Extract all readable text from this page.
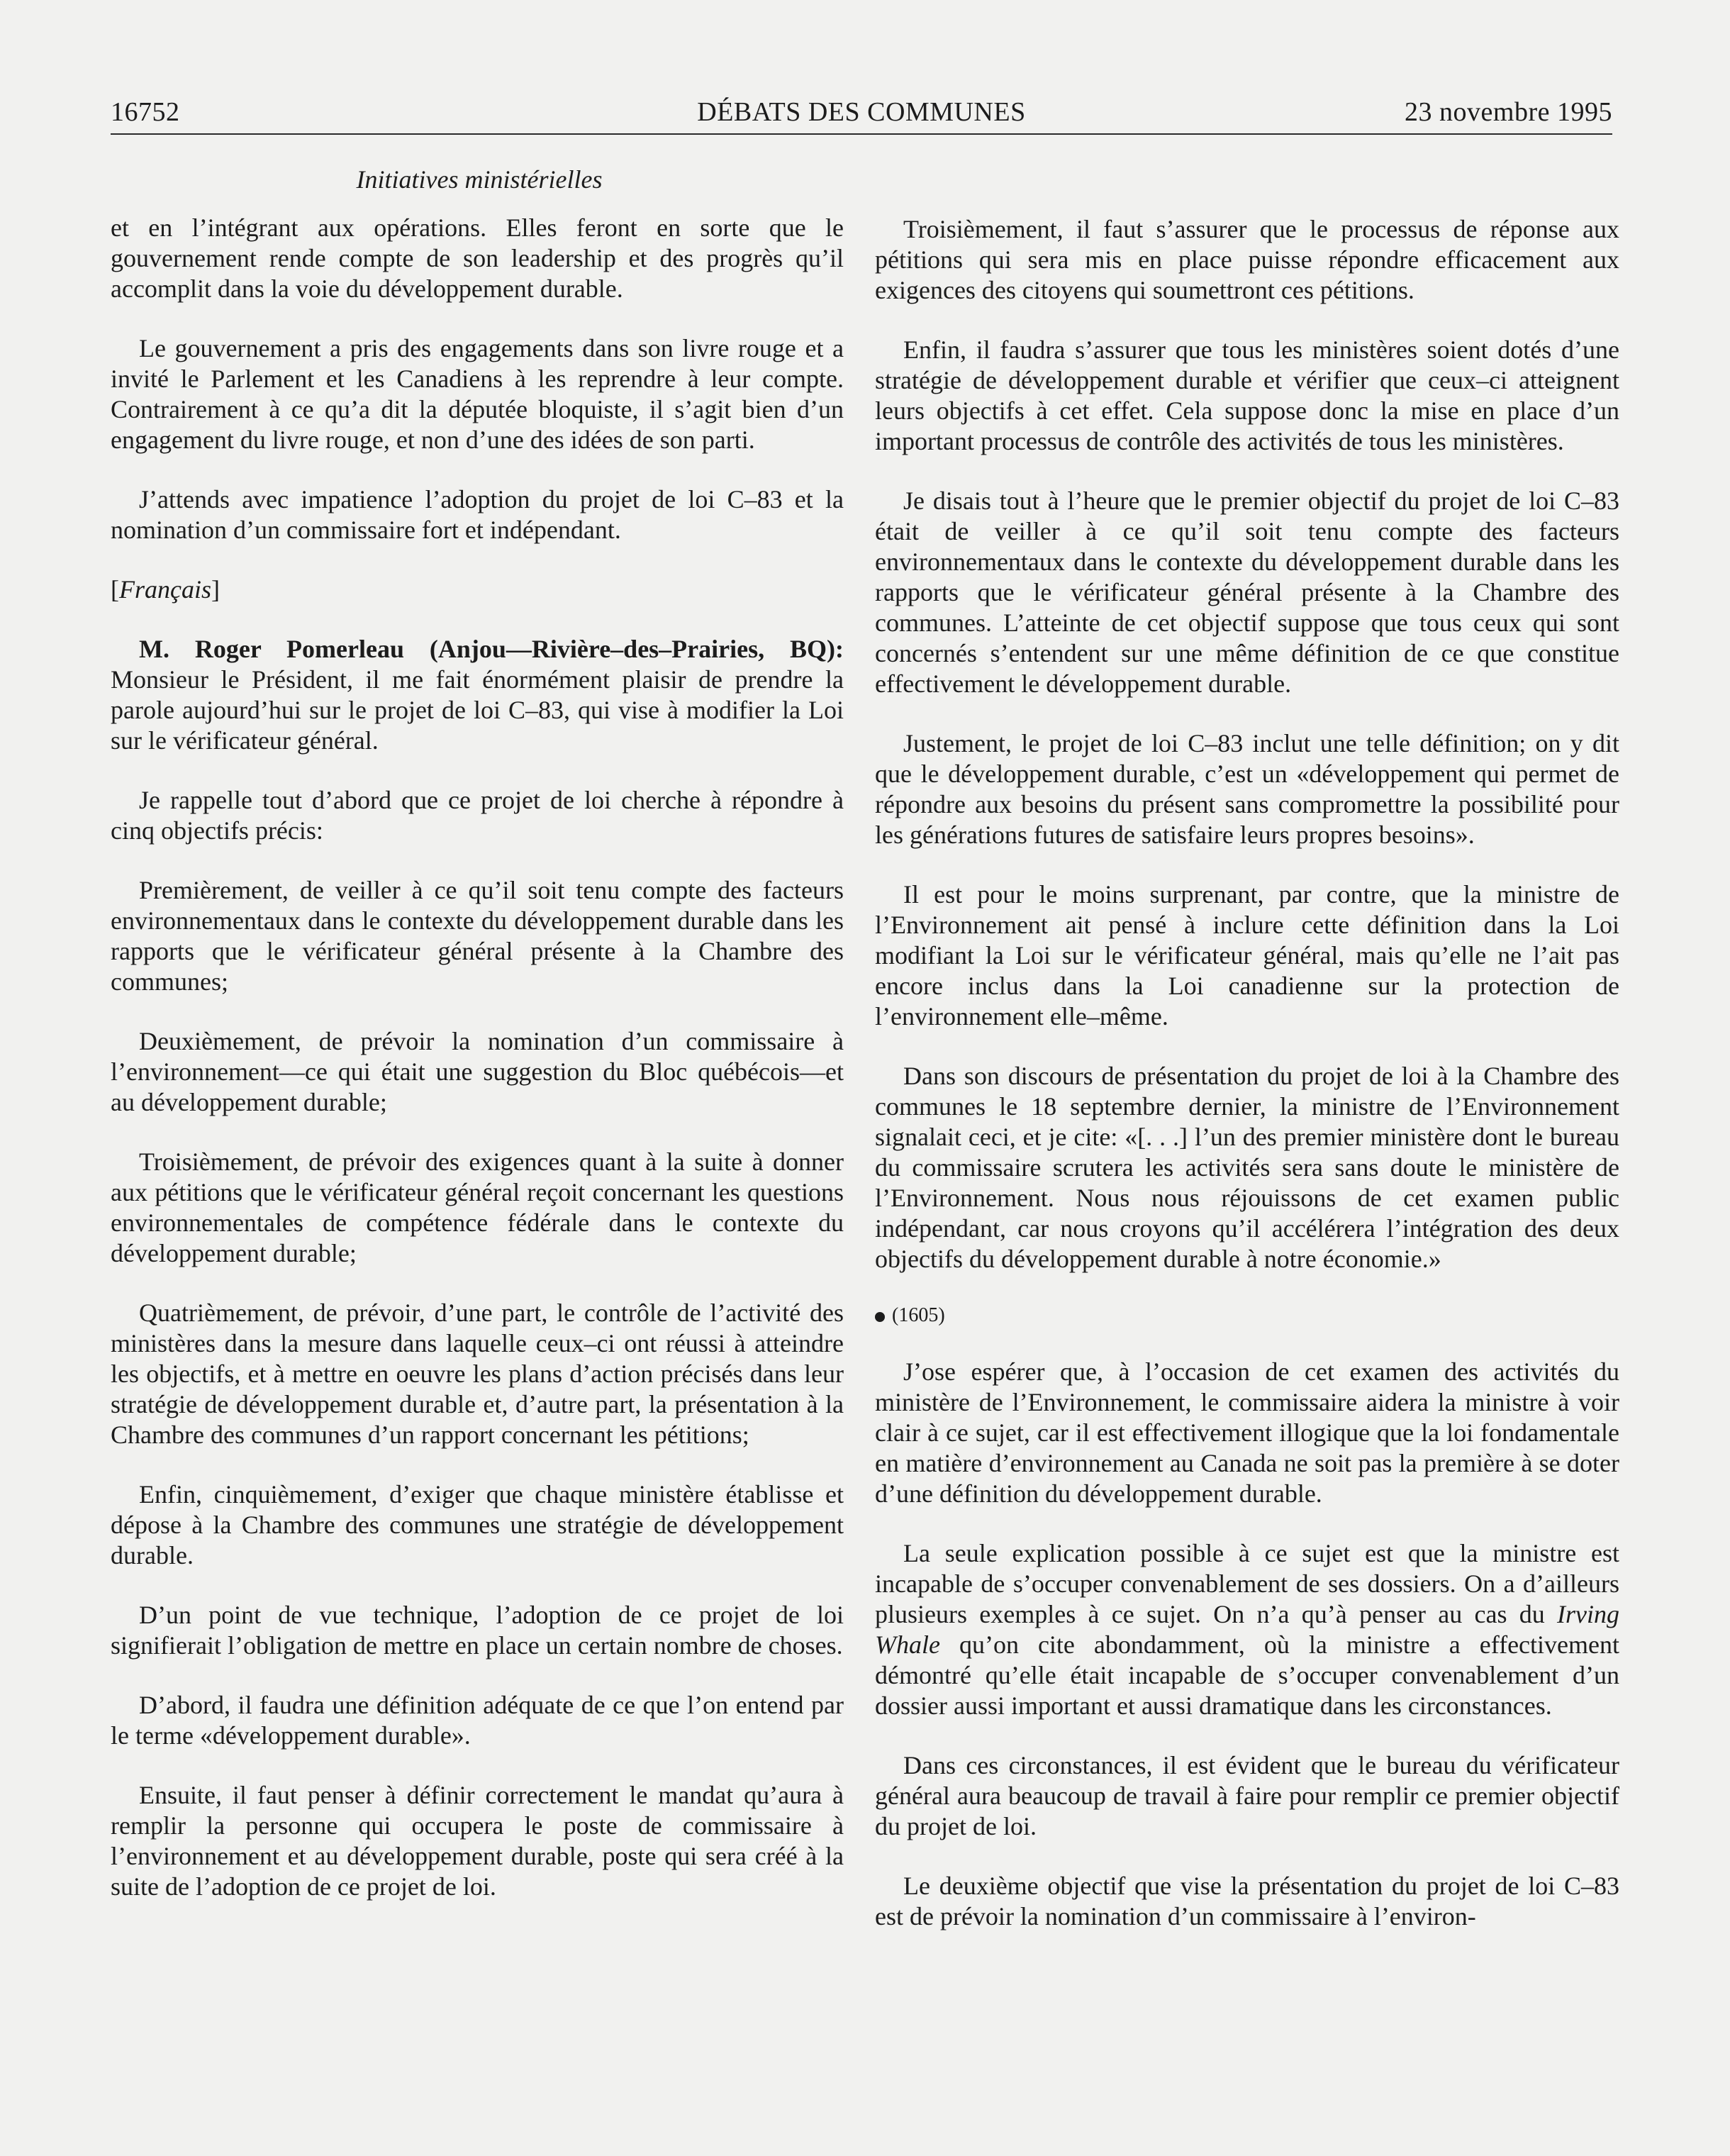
DÉBATS DES COMMUNES
16752	23 novembre 1995
Initiatives ministérielles

et en l’intégrant aux opérations. Elles feront en sorte que le gouvernement rende compte de son leadership et des progrès qu’il accomplit dans la voie du développement durable.

Le gouvernement a pris des engagements dans son livre rouge et a invité le Parlement et les Canadiens à les reprendre à leur compte. Contrairement à ce qu’a dit la députée bloquiste, il s’agit bien d’un engagement du livre rouge, et non d’une des idées de son parti.

J’attends avec impatience l’adoption du projet de loi C–83 et la nomination d’un commissaire fort et indépendant.

[Français]

M. Roger Pomerleau (Anjou—Rivière–des–Prairies, BQ): Monsieur le Président, il me fait énormément plaisir de prendre la parole aujourd’hui sur le projet de loi C–83, qui vise à modifier la Loi sur le vérificateur général.

Je rappelle tout d’abord que ce projet de loi cherche à répondre à cinq objectifs précis:

Premièrement, de veiller à ce qu’il soit tenu compte des facteurs environnementaux dans le contexte du développement durable dans les rapports que le vérificateur général présente à la Chambre des communes;

Deuxièmement, de prévoir la nomination d’un commissaire à l’environnement—ce qui était une suggestion du Bloc québécois—et au développement durable;

Troisièmement, de prévoir des exigences quant à la suite à donner aux pétitions que le vérificateur général reçoit concernant les questions environnementales de compétence fédérale dans le contexte du développement durable;

Quatrièmement, de prévoir, d’une part, le contrôle de l’activité des ministères dans la mesure dans laquelle ceux–ci ont réussi à atteindre les objectifs, et à mettre en oeuvre les plans d’action précisés dans leur stratégie de développement durable et, d’autre part, la présentation à la Chambre des communes d’un rapport concernant les pétitions;

Enfin, cinquièmement, d’exiger que chaque ministère établisse et dépose à la Chambre des communes une stratégie de développement durable.

D’un point de vue technique, l’adoption de ce projet de loi signifierait l’obligation de mettre en place un certain nombre de choses.

D’abord, il faudra une définition adéquate de ce que l’on entend par le terme «développement durable».

Ensuite, il faut penser à définir correctement le mandat qu’aura à remplir la personne qui occupera le poste de commissaire à l’environnement et au développement durable, poste qui sera créé à la suite de l’adoption de ce projet de loi.

Troisièmement, il faut s’assurer que le processus de réponse aux pétitions qui sera mis en place puisse répondre efficacement aux exigences des citoyens qui soumettront ces pétitions.

Enfin, il faudra s’assurer que tous les ministères soient dotés d’une stratégie de développement durable et vérifier que ceux–ci atteignent leurs objectifs à cet effet. Cela suppose donc la mise en place d’un important processus de contrôle des activités de tous les ministères.

Je disais tout à l’heure que le premier objectif du projet de loi C–83 était de veiller à ce qu’il soit tenu compte des facteurs environnementaux dans le contexte du développement durable dans les rapports que le vérificateur général présente à la Chambre des communes. L’atteinte de cet objectif suppose que tous ceux qui sont concernés s’entendent sur une même définition de ce que constitue effectivement le développement durable.

Justement, le projet de loi C–83 inclut une telle définition; on y dit que le développement durable, c’est un «développement qui permet de répondre aux besoins du présent sans compromettre la possibilité pour les générations futures de satisfaire leurs propres besoins».

Il est pour le moins surprenant, par contre, que la ministre de l’Environnement ait pensé à inclure cette définition dans la Loi modifiant la Loi sur le vérificateur général, mais qu’elle ne l’ait pas encore inclus dans la Loi canadienne sur la protection de l’environnement elle–même.

Dans son discours de présentation du projet de loi à la Chambre des communes le 18 septembre dernier, la ministre de l’Environnement signalait ceci, et je cite: «[. . .] l’un des premier ministère dont le bureau du commissaire scrutera les activités sera sans doute le ministère de l’Environnement. Nous nous réjouissons de cet examen public indépendant, car nous croyons qu’il accélérera l’intégration des deux objectifs du développement durable à notre économie.»

(1605)

J’ose espérer que, à l’occasion de cet examen des activités du ministère de l’Environnement, le commissaire aidera la ministre à voir clair à ce sujet, car il est effectivement illogique que la loi fondamentale en matière d’environnement au Canada ne soit pas la première à se doter d’une définition du développement durable.

La seule explication possible à ce sujet est que la ministre est incapable de s’occuper convenablement de ses dossiers. On a d’ailleurs plusieurs exemples à ce sujet. On n’a qu’à penser au cas du Irving Whale qu’on cite abondamment, où la ministre a effectivement démontré qu’elle était incapable de s’occuper convenablement d’un dossier aussi important et aussi dramatique dans les circonstances.

Dans ces circonstances, il est évident que le bureau du vérificateur général aura beaucoup de travail à faire pour remplir ce premier objectif du projet de loi.

Le deuxième objectif que vise la présentation du projet de loi C–83 est de prévoir la nomination d’un commissaire à l’environ-
